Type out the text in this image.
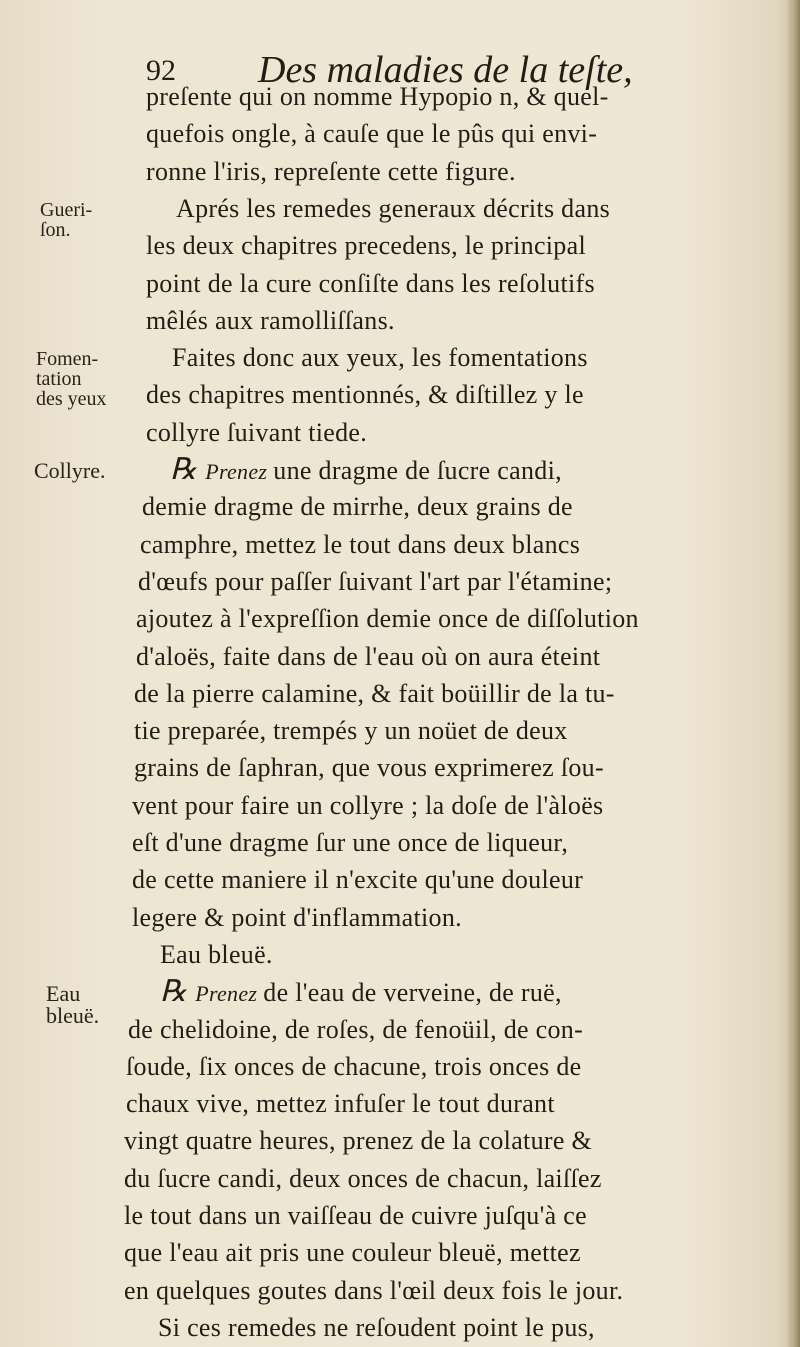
92 Des maladies de la teſte,
Gueri-
ſon.
Fomen-
tation
des yeux
Collyre.
Eau
bleuë.
preſente qui on nomme Hypopio n, & quel-
quefois ongle, à cauſe que le pûs qui envi-
ronne l'iris, repreſente cette figure.
Aprés les remedes generaux décrits dans
les deux chapitres precedens, le principal
point de la cure conſiſte dans les reſolutifs
mêlés aux ramolliſſans.
Faites donc aux yeux, les fomentations
des chapitres mentionnés, & diſtillez y le
collyre ſuivant tiede.
℞ Prenez une dragme de ſucre candi,
demie dragme de mirrhe, deux grains de
camphre, mettez le tout dans deux blancs
d'œufs pour paſſer ſuivant l'art par l'étamine;
ajoutez à l'expreſſion demie once de diſſolution
d'aloës, faite dans de l'eau où on aura éteint
de la pierre calamine, & fait boüillir de la tu-
tie preparée, trempés y un noüet de deux
grains de ſaphran, que vous exprimerez ſou-
vent pour faire un collyre ; la doſe de l'àloës
eſt d'une dragme ſur une once de liqueur,
de cette maniere il n'excite qu'une douleur
legere & point d'inflammation.
Eau bleuë.
℞ Prenez de l'eau de verveine, de ruë,
de chelidoine, de roſes, de fenoüil, de con-
ſoude, ſix onces de chacune, trois onces de
chaux vive, mettez infuſer le tout durant
vingt quatre heures, prenez de la colature &
du ſucre candi, deux onces de chacun, laiſſez
le tout dans un vaiſſeau de cuivre juſqu'à ce
que l'eau ait pris une couleur bleuë, mettez
en quelques goutes dans l'œil deux fois le jour.
Si ces remedes ne reſoudent point le pus,
